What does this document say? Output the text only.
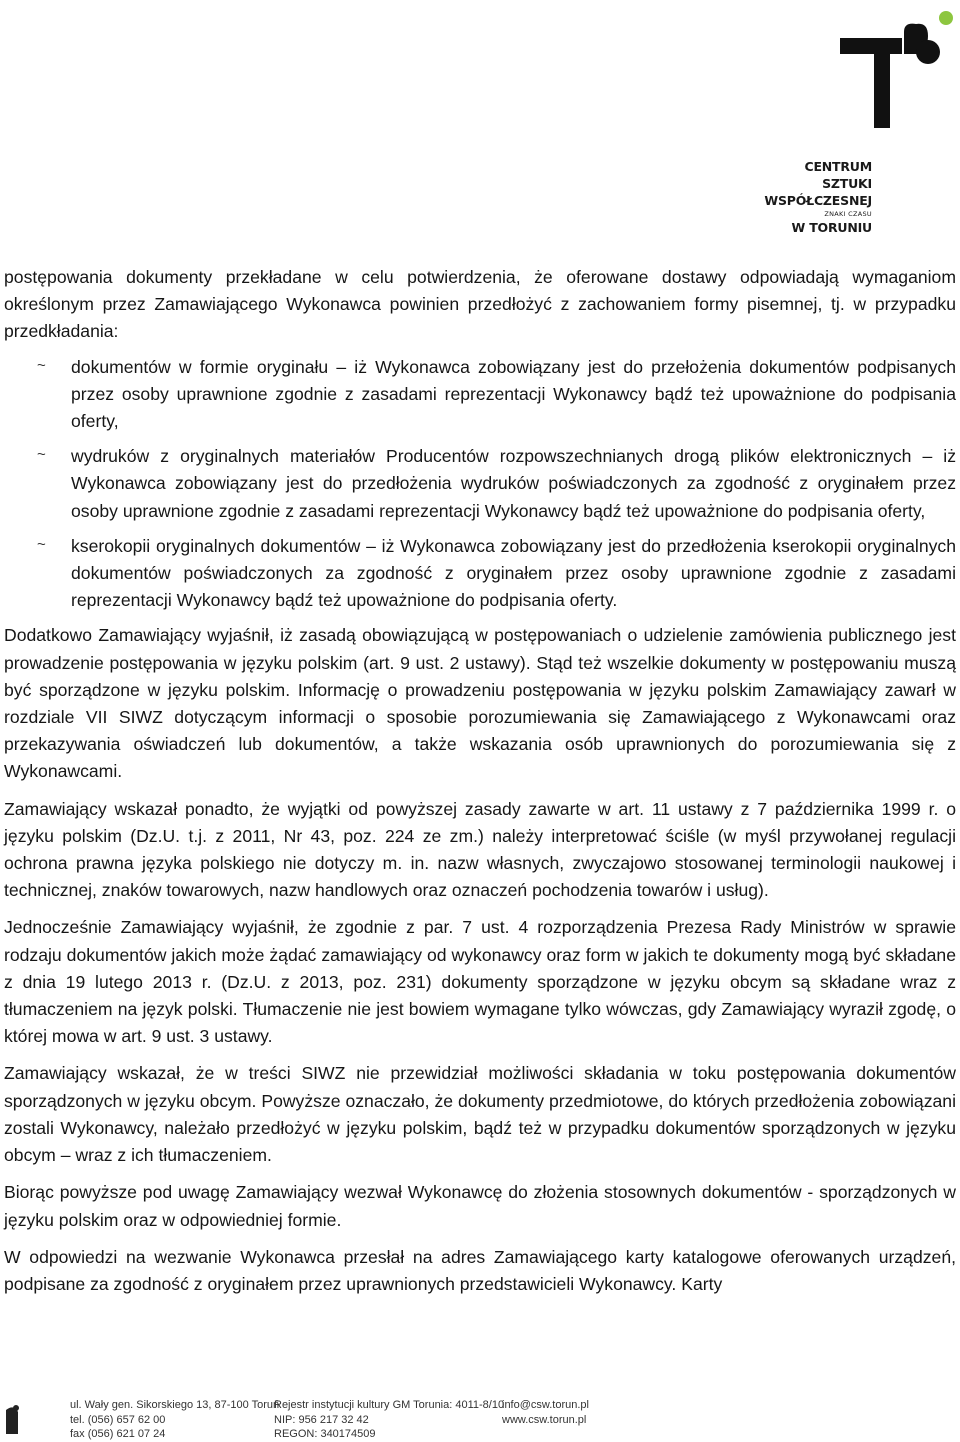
CENTRUM
SZTUKI
WSPÓŁCZESNEJ
ZNAKI CZASU
W TORUNIU

postępowania dokumenty przekładane w celu potwierdzenia, że oferowane dostawy odpowiadają wymaganiom określonym przez Zamawiającego Wykonawca powinien przedłożyć z zachowaniem formy pisemnej, tj. w przypadku przedkładania:

~ dokumentów w formie oryginału – iż Wykonawca zobowiązany jest do przełożenia dokumentów podpisanych przez osoby uprawnione zgodnie z zasadami reprezentacji Wykonawcy bądź też upoważnione do podpisania oferty,
~ wydruków z oryginalnych materiałów Producentów rozpowszechnianych drogą plików elektronicznych – iż Wykonawca zobowiązany jest do przedłożenia wydruków poświadczonych za zgodność z oryginałem przez osoby uprawnione zgodnie z zasadami reprezentacji Wykonawcy bądź też upoważnione do podpisania oferty,
~ kserokopii oryginalnych dokumentów – iż Wykonawca zobowiązany jest do przedłożenia kserokopii oryginalnych dokumentów poświadczonych za zgodność z oryginałem przez osoby uprawnione zgodnie z zasadami reprezentacji Wykonawcy bądź też upoważnione do podpisania oferty.

Dodatkowo Zamawiający wyjaśnił, iż zasadą obowiązującą w postępowaniach o udzielenie zamówienia publicznego jest prowadzenie postępowania w języku polskim (art. 9 ust. 2 ustawy). Stąd też wszelkie dokumenty w postępowaniu muszą być sporządzone w języku polskim. Informację o prowadzeniu postępowania w języku polskim Zamawiający zawarł w rozdziale VII SIWZ dotyczącym informacji o sposobie porozumiewania się Zamawiającego z Wykonawcami oraz przekazywania oświadczeń lub dokumentów, a także wskazania osób uprawnionych do porozumiewania się z Wykonawcami.

Zamawiający wskazał ponadto, że wyjątki od powyższej zasady zawarte w art. 11 ustawy z 7 października 1999 r. o języku polskim (Dz.U. t.j. z 2011, Nr 43, poz. 224 ze zm.) należy interpretować ściśle (w myśl przywołanej regulacji ochrona prawna języka polskiego nie dotyczy m. in. nazw własnych, zwyczajowo stosowanej terminologii naukowej i technicznej, znaków towarowych, nazw handlowych oraz oznaczeń pochodzenia towarów i usług).

Jednocześnie Zamawiający wyjaśnił, że zgodnie z par. 7 ust. 4 rozporządzenia Prezesa Rady Ministrów w sprawie rodzaju dokumentów jakich może żądać zamawiający od wykonawcy oraz form w jakich te dokumenty mogą być składane z dnia 19 lutego 2013 r. (Dz.U. z 2013, poz. 231) dokumenty sporządzone w języku obcym są składane wraz z tłumaczeniem na język polski. Tłumaczenie nie jest bowiem wymagane tylko wówczas, gdy Zamawiający wyraził zgodę, o której mowa w art. 9 ust. 3 ustawy.

Zamawiający wskazał, że w treści SIWZ nie przewidział możliwości składania w toku postępowania dokumentów sporządzonych w języku obcym. Powyższe oznaczało, że dokumenty przedmiotowe, do których przedłożenia zobowiązani zostali Wykonawcy, należało przedłożyć w języku polskim, bądź też w przypadku dokumentów sporządzonych w języku obcym – wraz z ich tłumaczeniem.

Biorąc powyższe pod uwagę Zamawiający wezwał Wykonawcę do złożenia stosownych dokumentów - sporządzonych w języku polskim oraz w odpowiedniej formie.

W odpowiedzi na wezwanie Wykonawca przesłał na adres Zamawiającego karty katalogowe oferowanych urządzeń, podpisane za zgodność z oryginałem przez uprawnionych przedstawicieli Wykonawcy. Karty

ul. Wały gen. Sikorskiego 13, 87-100 Toruń
tel. (056) 657 62 00
fax (056) 621 07 24
Rejestr instytucji kultury GM Torunia: 4011-8/10
NIP: 956 217 32 42
REGON: 340174509
info@csw.torun.pl
www.csw.torun.pl
